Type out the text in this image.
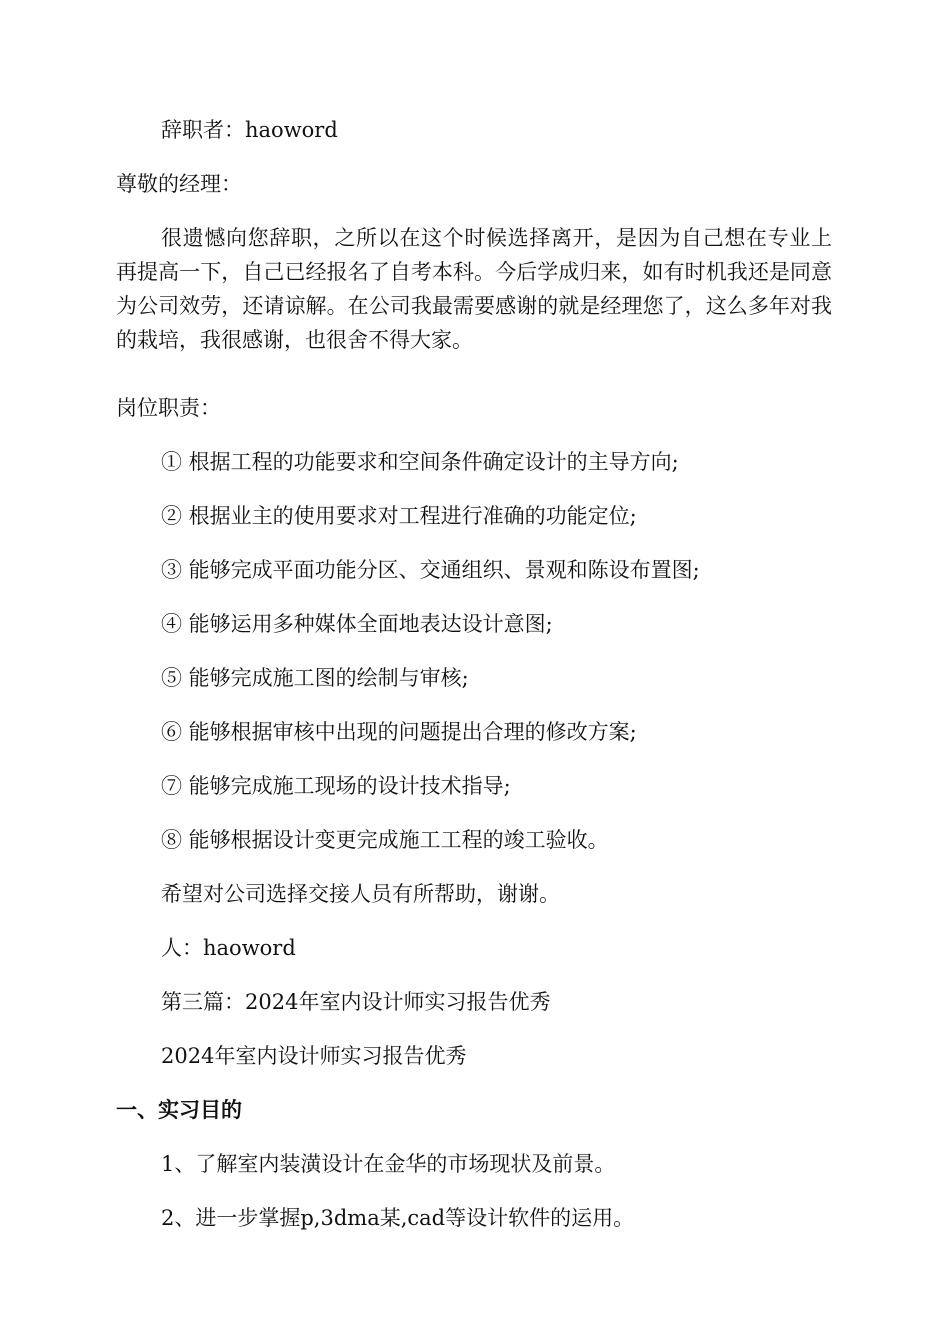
辞职者：haoword

尊敬的经理：

很遗憾向您辞职，之所以在这个时候选择离开，是因为自己想在专业上再提高一下，自己已经报名了自考本科。今后学成归来，如有时机我还是同意为公司效劳，还请谅解。在公司我最需要感谢的就是经理您了，这么多年对我的栽培，我很感谢，也很舍不得大家。

岗位职责：

① 根据工程的功能要求和空间条件确定设计的主导方向;

② 根据业主的使用要求对工程进行准确的功能定位;

③ 能够完成平面功能分区、交通组织、景观和陈设布置图;

④ 能够运用多种媒体全面地表达设计意图;

⑤ 能够完成施工图的绘制与审核;

⑥ 能够根据审核中出现的问题提出合理的修改方案;

⑦ 能够完成施工现场的设计技术指导;

⑧ 能够根据设计变更完成施工工程的竣工验收。

希望对公司选择交接人员有所帮助，谢谢。

人：haoword

第三篇：2024年室内设计师实习报告优秀

2024年室内设计师实习报告优秀

一、实习目的

1、了解室内装潢设计在金华的市场现状及前景。

2、进一步掌握p,3dma某,cad等设计软件的运用。
